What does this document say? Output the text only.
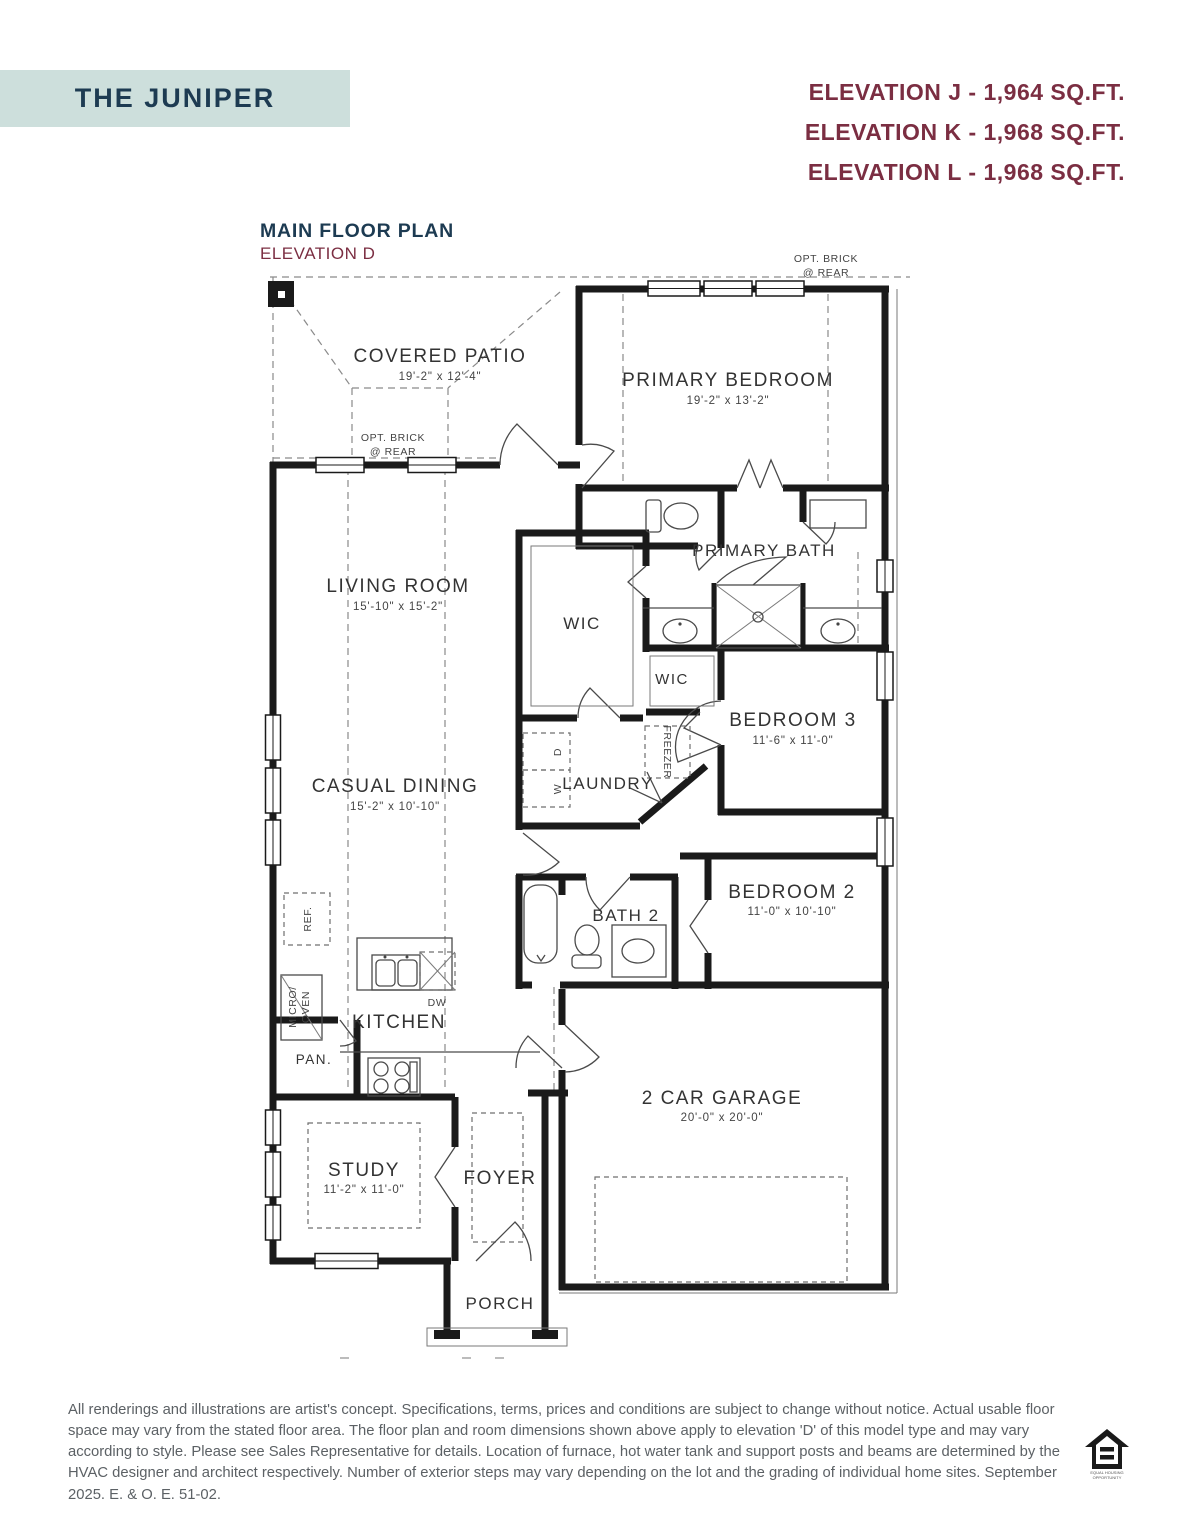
THE JUNIPER	ELEVATION J - 1,964 SQ.FT.
ELEVATION K - 1,968 SQ.FT.
ELEVATION L - 1,968 SQ.FT.
MAIN FLOOR PLAN
ELEVATION D
COVERED PATIO
19'-2" x 12'-4"
OPT. BRICK
@ REAR
OPT. BRICK
@ REAR
PRIMARY BEDROOM
19'-2" x 13'-2"
LIVING ROOM
15'-10" x 15'-2"
PRIMARY BATH
WIC
WIC
BEDROOM 3
11'-6" x 11'-0"
CASUAL DINING
15'-2" x 10'-10"
LAUNDRY
BEDROOM 2
11'-0" x 10'-10"
BATH 2
KITCHEN
PAN.
2 CAR GARAGE
20'-0" x 20'-0"
STUDY
11'-2" x 11'-0"
FOYER
PORCH
DW
REF.
MICRO/ OVEN
FREEZER
D
W
All renderings and illustrations are artist's concept. Specifications, terms, prices and conditions are subject to change without notice. Actual usable floor space may vary from the stated floor area. The floor plan and room dimensions shown above apply to elevation 'D' of this model type and may vary according to style. Please see Sales Representative for details. Location of furnace, hot water tank and support posts and beams are determined by the HVAC designer and architect respectively. Number of exterior steps may vary depending on the lot and the grading of individual home sites. September 2025. E. & O. E. 51-02.
EQUAL HOUSING
OPPORTUNITY
